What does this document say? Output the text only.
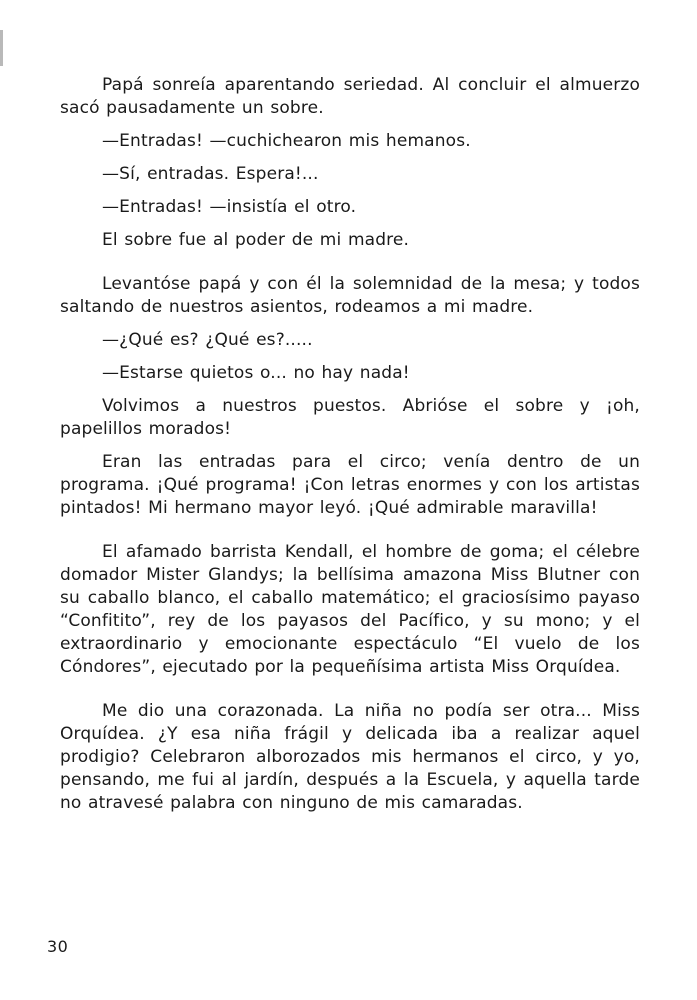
Papá sonreía aparentando seriedad. Al concluir el almuerzo sacó pausadamente un sobre.

—Entradas! —cuchichearon mis hemanos.

—Sí, entradas. Espera!...

—Entradas! —insistía el otro.

El sobre fue al poder de mi madre.

Levantóse papá y con él la solemnidad de la mesa; y todos saltando de nuestros asientos, rodeamos a mi madre.

—¿Qué es? ¿Qué es?.....

—Estarse quietos o... no hay nada!

Volvimos a nuestros puestos. Abrióse el sobre y ¡oh, papelillos morados!

Eran las entradas para el circo; venía dentro de un programa. ¡Qué programa! ¡Con letras enormes y con los artistas pintados! Mi hermano mayor leyó. ¡Qué admirable maravilla!

El afamado barrista Kendall, el hombre de goma; el célebre domador Mister Glandys; la bellísima amazona Miss Blutner con su caballo blanco, el caballo matemático; el graciosísimo payaso “Confitito”, rey de los payasos del Pacífico, y su mono; y el extraordinario y emocionante espectáculo “El vuelo de los Cóndores”, ejecutado por la pequeñísima artista Miss Orquídea.

Me dio una corazonada. La niña no podía ser otra... Miss Orquídea. ¿Y esa niña frágil y delicada iba a realizar aquel prodigio? Celebraron alborozados mis hermanos el circo, y yo, pensando, me fui al jardín, después a la Escuela, y aquella tarde no atravesé palabra con ninguno de mis camaradas.

30
